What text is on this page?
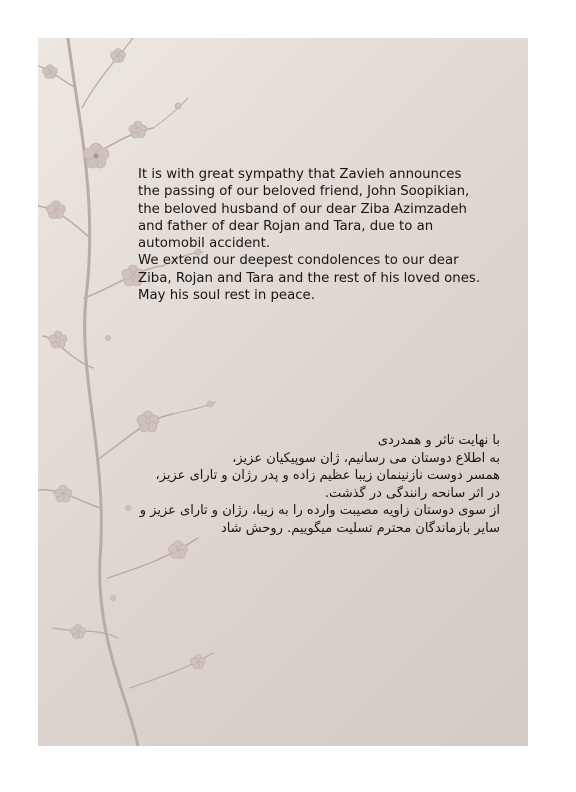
It is with great sympathy that Zavieh announces
the passing of our beloved friend, John Soopikian,
the beloved husband of our dear Ziba Azimzadeh
and father of dear Rojan and Tara, due to an
automobil accident.
We extend our deepest condolences to our dear
Ziba, Rojan and Tara and the rest of his loved ones.
May his soul rest in peace.
با نهایت تاثر و همدردی
به اطلاع دوستان می رسانیم، ژان سوپیکیان عزیز،
همسر دوست نازنینمان زیبا عظیم زاده و پدر رژان و تارای عزیز،
در اثر سانحه رانندگی در گذشت.
از سوی دوستان زاویه مصیبت وارده را به زیبا، رژان و تارای عزیز و
سایر بازماندگان محترم تسلیت میگوییم. روحش شاد
